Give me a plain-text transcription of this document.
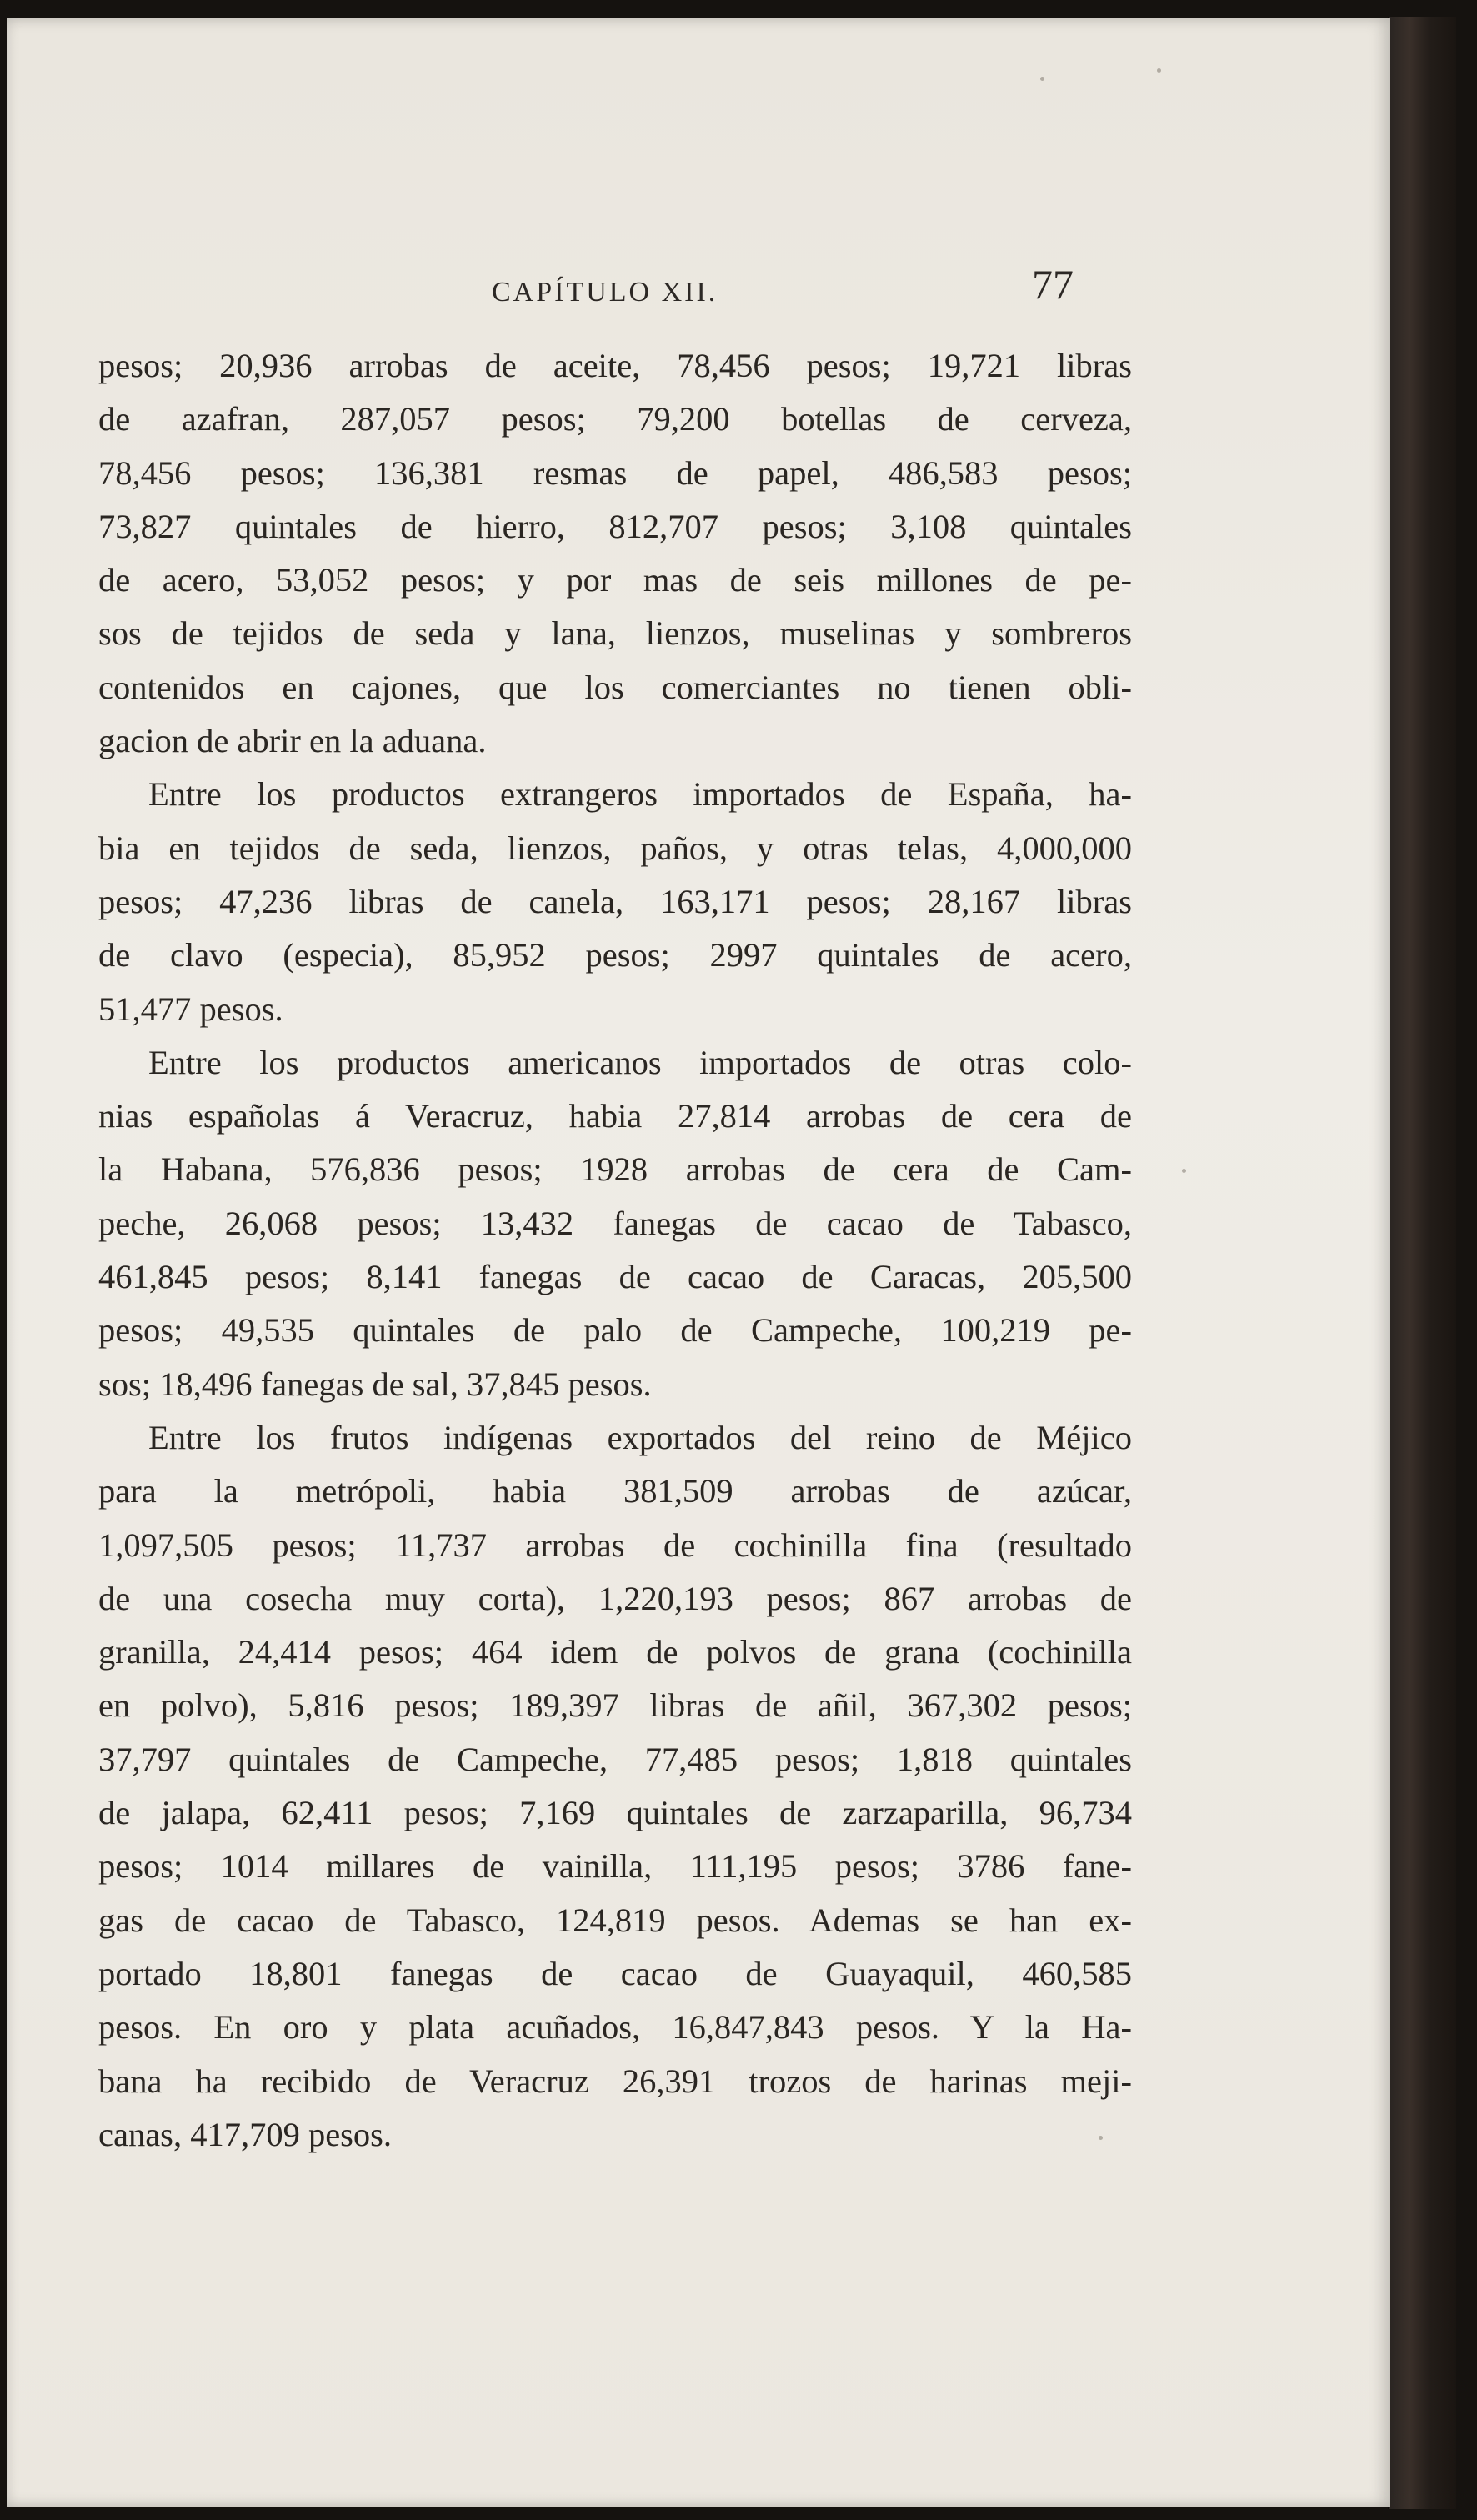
CAPÍTULO XII.	77
pesos; 20,936 arrobas de aceite, 78,456 pesos; 19,721 libras
de azafran, 287,057 pesos; 79,200 botellas de cerveza,
78,456 pesos; 136,381 resmas de papel, 486,583 pesos;
73,827 quintales de hierro, 812,707 pesos; 3,108 quintales
de acero, 53,052 pesos; y por mas de seis millones de pe-
sos de tejidos de seda y lana, lienzos, muselinas y sombreros
contenidos en cajones, que los comerciantes no tienen obli-
gacion de abrir en la aduana.
Entre los productos extrangeros importados de España, ha-
bia en tejidos de seda, lienzos, paños, y otras telas, 4,000,000
pesos; 47,236 libras de canela, 163,171 pesos; 28,167 libras
de clavo (especia), 85,952 pesos; 2997 quintales de acero,
51,477 pesos.
Entre los productos americanos importados de otras colo-
nias españolas á Veracruz, habia 27,814 arrobas de cera de
la Habana, 576,836 pesos; 1928 arrobas de cera de Cam-
peche, 26,068 pesos; 13,432 fanegas de cacao de Tabasco,
461,845 pesos; 8,141 fanegas de cacao de Caracas, 205,500
pesos; 49,535 quintales de palo de Campeche, 100,219 pe-
sos; 18,496 fanegas de sal, 37,845 pesos.
Entre los frutos indígenas exportados del reino de Méjico
para la metrópoli, habia 381,509 arrobas de azúcar,
1,097,505 pesos; 11,737 arrobas de cochinilla fina (resultado
de una cosecha muy corta), 1,220,193 pesos; 867 arrobas de
granilla, 24,414 pesos; 464 idem de polvos de grana (cochinilla
en polvo), 5,816 pesos; 189,397 libras de añil, 367,302 pesos;
37,797 quintales de Campeche, 77,485 pesos; 1,818 quintales
de jalapa, 62,411 pesos; 7,169 quintales de zarzaparilla, 96,734
pesos; 1014 millares de vainilla, 111,195 pesos; 3786 fane-
gas de cacao de Tabasco, 124,819 pesos. Ademas se han ex-
portado 18,801 fanegas de cacao de Guayaquil, 460,585
pesos. En oro y plata acuñados, 16,847,843 pesos. Y la Ha-
bana ha recibido de Veracruz 26,391 trozos de harinas meji-
canas, 417,709 pesos.
